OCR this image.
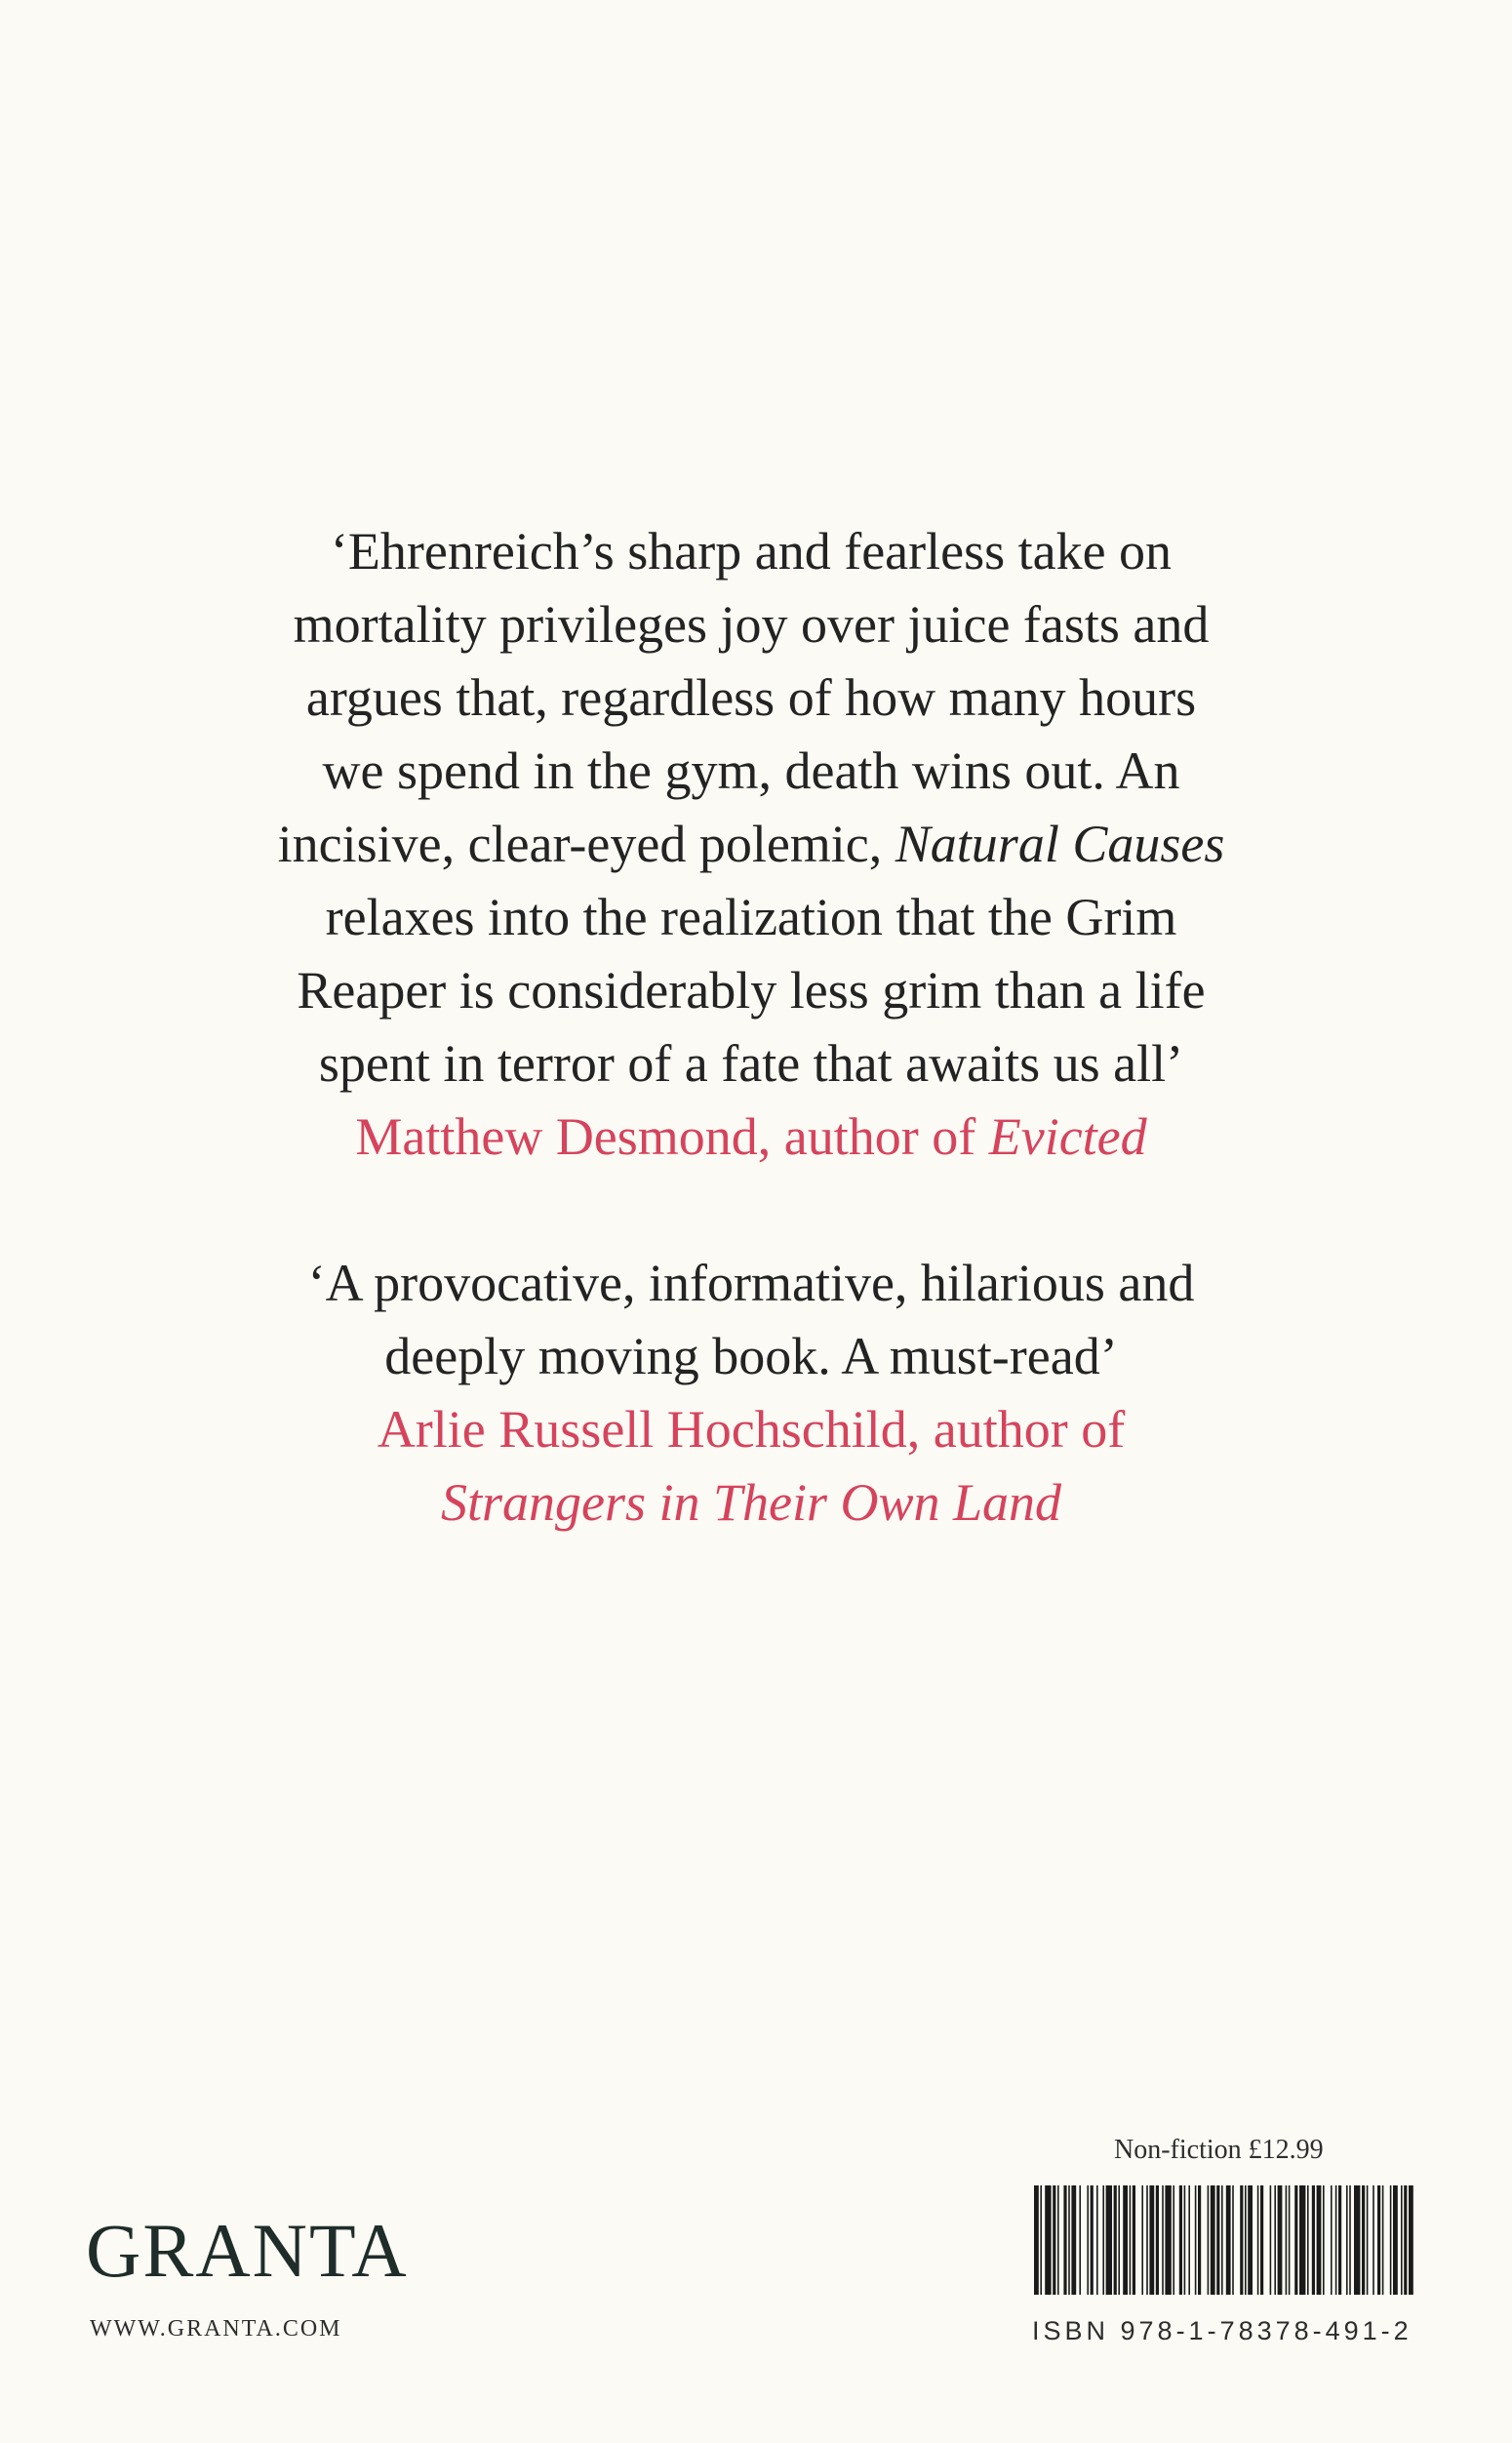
‘Ehrenreich’s sharp and fearless take on
mortality privileges joy over juice fasts and
argues that, regardless of how many hours
we spend in the gym, death wins out. An
incisive, clear-eyed polemic, Natural Causes
relaxes into the realization that the Grim
Reaper is considerably less grim than a life
spent in terror of a fate that awaits us all’
Matthew Desmond, author of Evicted
‘A provocative, informative, hilarious and
deeply moving book. A must-read’
Arlie Russell Hochschild, author of
Strangers in Their Own Land
GRANTA
WWW.GRANTA.COM
Non-fiction £12.99
ISBN 978-1-78378-491-2
